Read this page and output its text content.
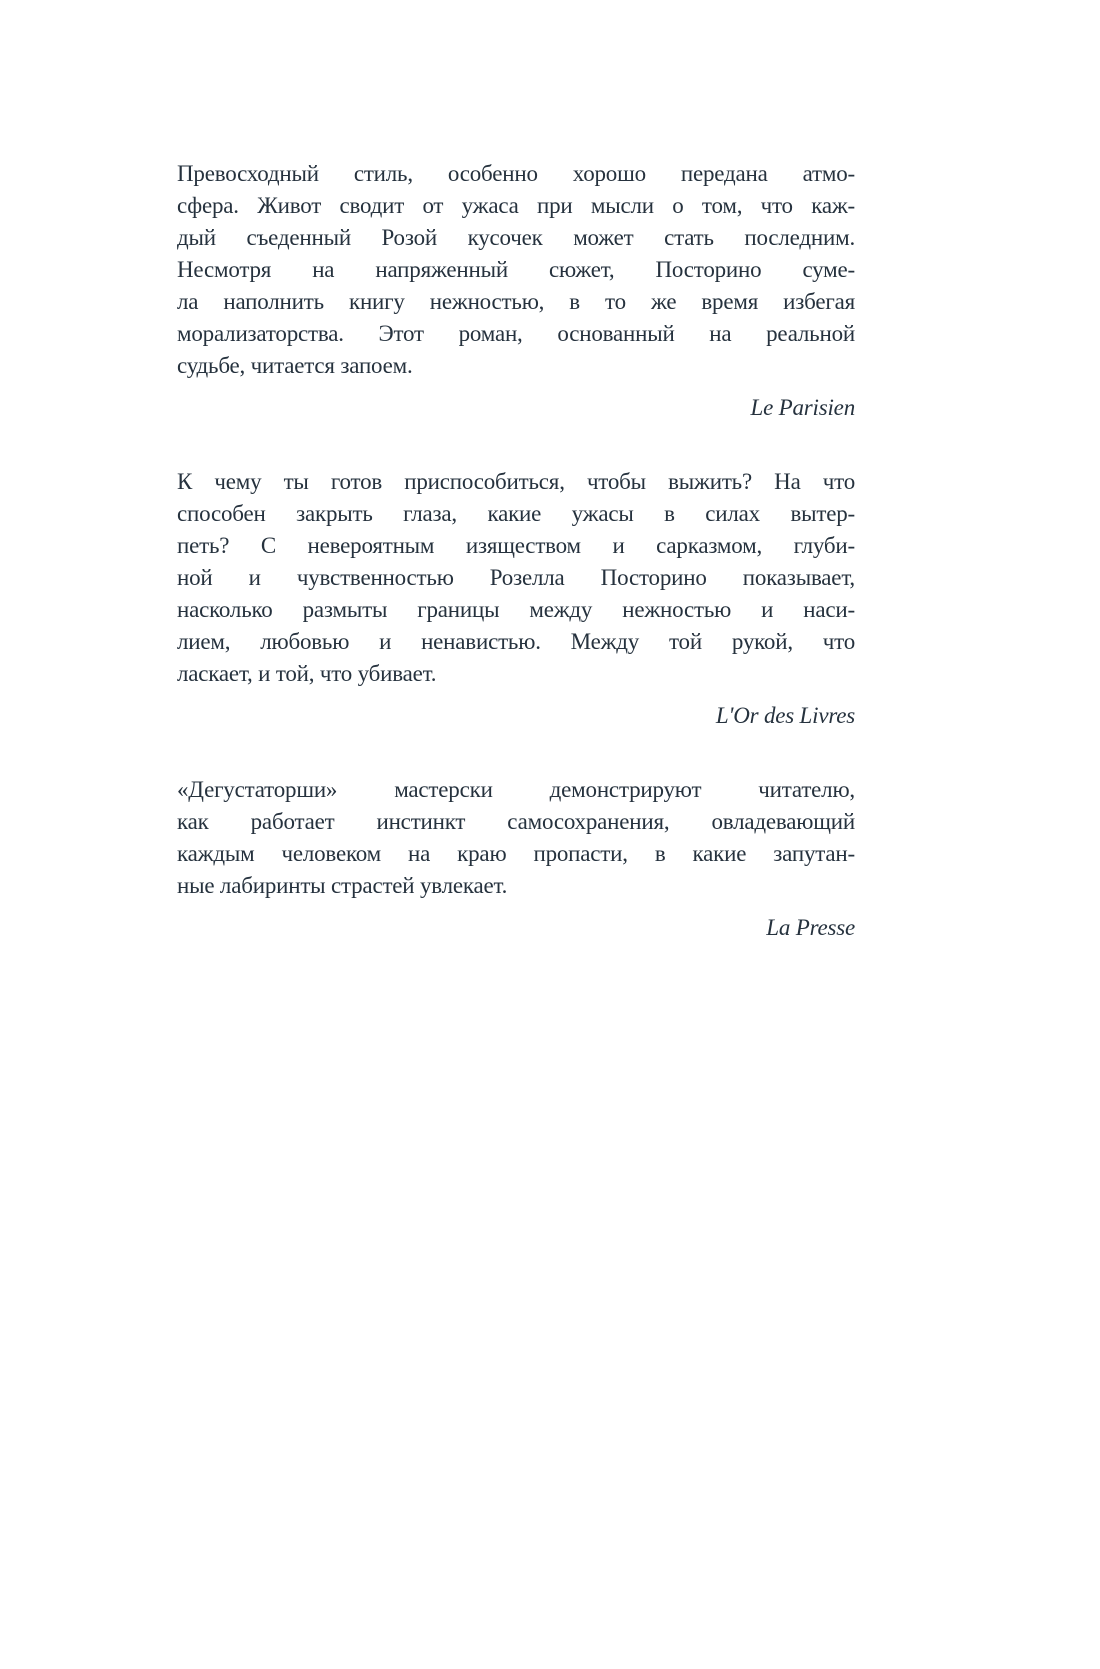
Превосходный стиль, особенно хорошо передана атмо-

сфера. Живот сводит от ужаса при мысли о том, что каж-

дый съеденный Розой кусочек может стать последним.

Несмотря на напряженный сюжет, Посторино суме-

ла наполнить книгу нежностью, в то же время избегая

морализаторства. Этот роман, основанный на реальной

судьбе, читается запоем.

Le Parisien

К чему ты готов приспособиться, чтобы выжить? На что

способен закрыть глаза, какие ужасы в силах вытер-

петь? С невероятным изяществом и сарказмом, глуби-

ной и чувственностью Розелла Посторино показывает,

насколько размыты границы между нежностью и наси-

лием, любовью и ненавистью. Между той рукой, что

ласкает, и той, что убивает.

L'Or des Livres

«Дегустаторши» мастерски демонстрируют читателю,

как работает инстинкт самосохранения, овладевающий

каждым человеком на краю пропасти, в какие запутан-

ные лабиринты страстей увлекает.

La Presse
